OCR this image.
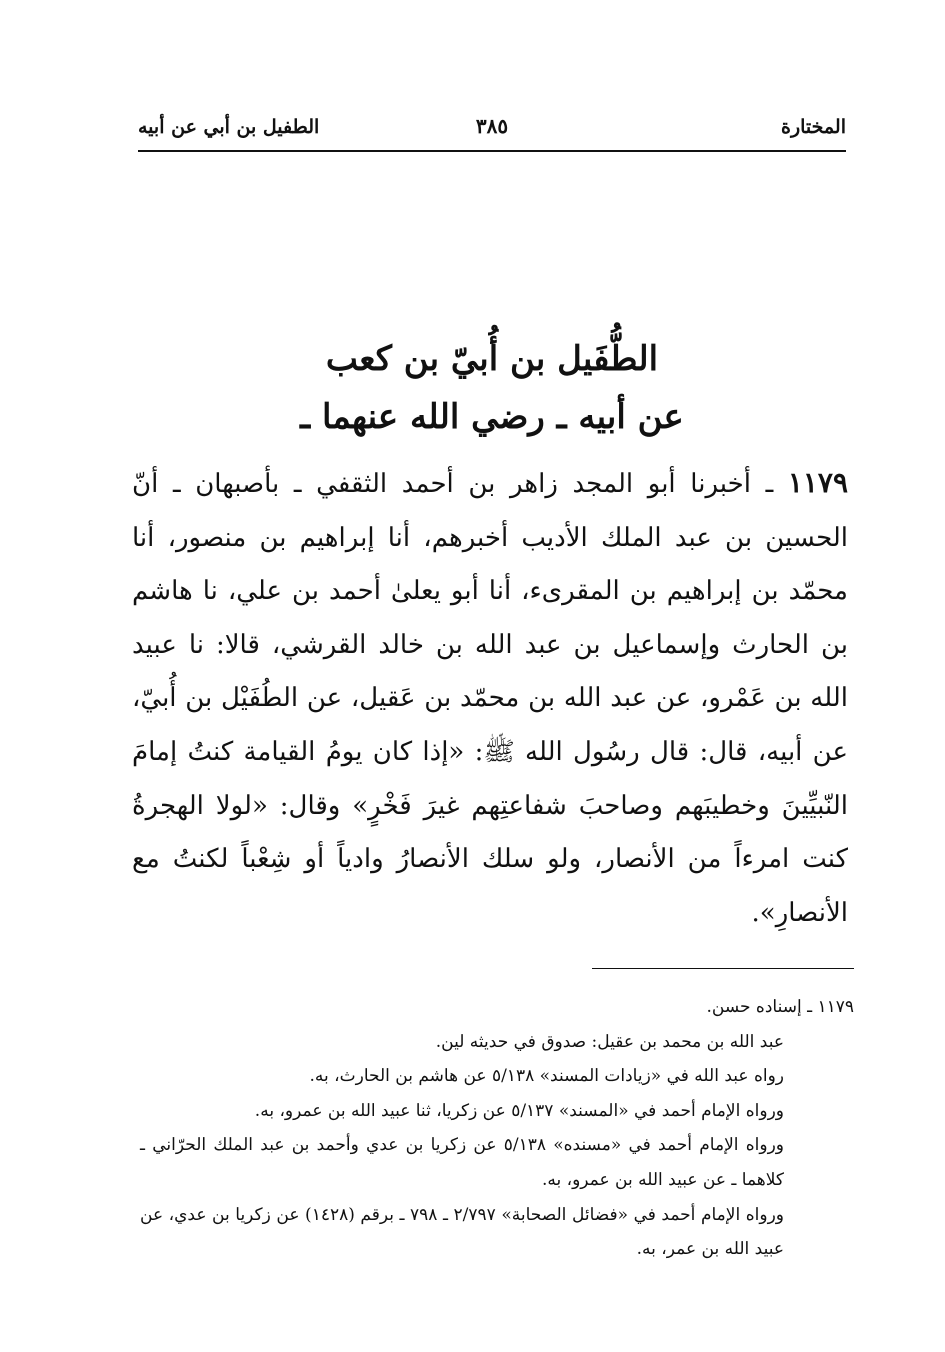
المختارة
٣٨٥
الطفيل بن أبي عن أبيه
الطُّفَيل بن أُبيّ بن كعب
عن أبيه ـ رضي الله عنهما ـ
١١٧٩ ـ أخبرنا أبو المجد زاهر بن أحمد الثقفي ـ بأصبهان ـ أنّ الحسين بن عبد الملك الأديب أخبرهم، أنا إبراهيم بن منصور، أنا محمّد بن إبراهيم بن المقرىء، أنا أبو يعلىٰ أحمد بن علي، نا هاشم بن الحارث وإسماعيل بن عبد الله بن خالد القرشي، قالا: نا عبيد الله بن عَمْرو، عن عبد الله بن محمّد بن عَقيل، عن الطُفَيْل بن أُبيّ، عن أبيه، قال: قال رسُول الله ﷺ: «إذا كان يومُ القيامة كنتُ إمامَ النّبيِّينَ وخطيبَهم وصاحبَ شفاعتِهم غيرَ فَخْرٍ» وقال: «لولا الهجرةُ كنت امرءاً من الأنصار، ولو سلك الأنصارُ وادياً أو شِعْباً لكنتُ مع الأنصارِ».

١١٧٩ ـ إسناده حسن.

عبد الله بن محمد بن عقيل: صدوق في حديثه لين.

رواه عبد الله في «زيادات المسند» ٥/١٣٨ عن هاشم بن الحارث، به.

ورواه الإمام أحمد في «المسند» ٥/١٣٧ عن زكريا، ثنا عبيد الله بن عمرو، به.

ورواه الإمام أحمد في «مسنده» ٥/١٣٨ عن زكريا بن عدي وأحمد بن عبد الملك الحرّاني ـ كلاهما ـ عن عبيد الله بن عمرو، به.

ورواه الإمام أحمد في «فضائل الصحابة» ٢/٧٩٧ ـ ٧٩٨ ـ برقم (١٤٢٨) عن زكريا بن عدي، عن عبيد الله بن عمر، به.
